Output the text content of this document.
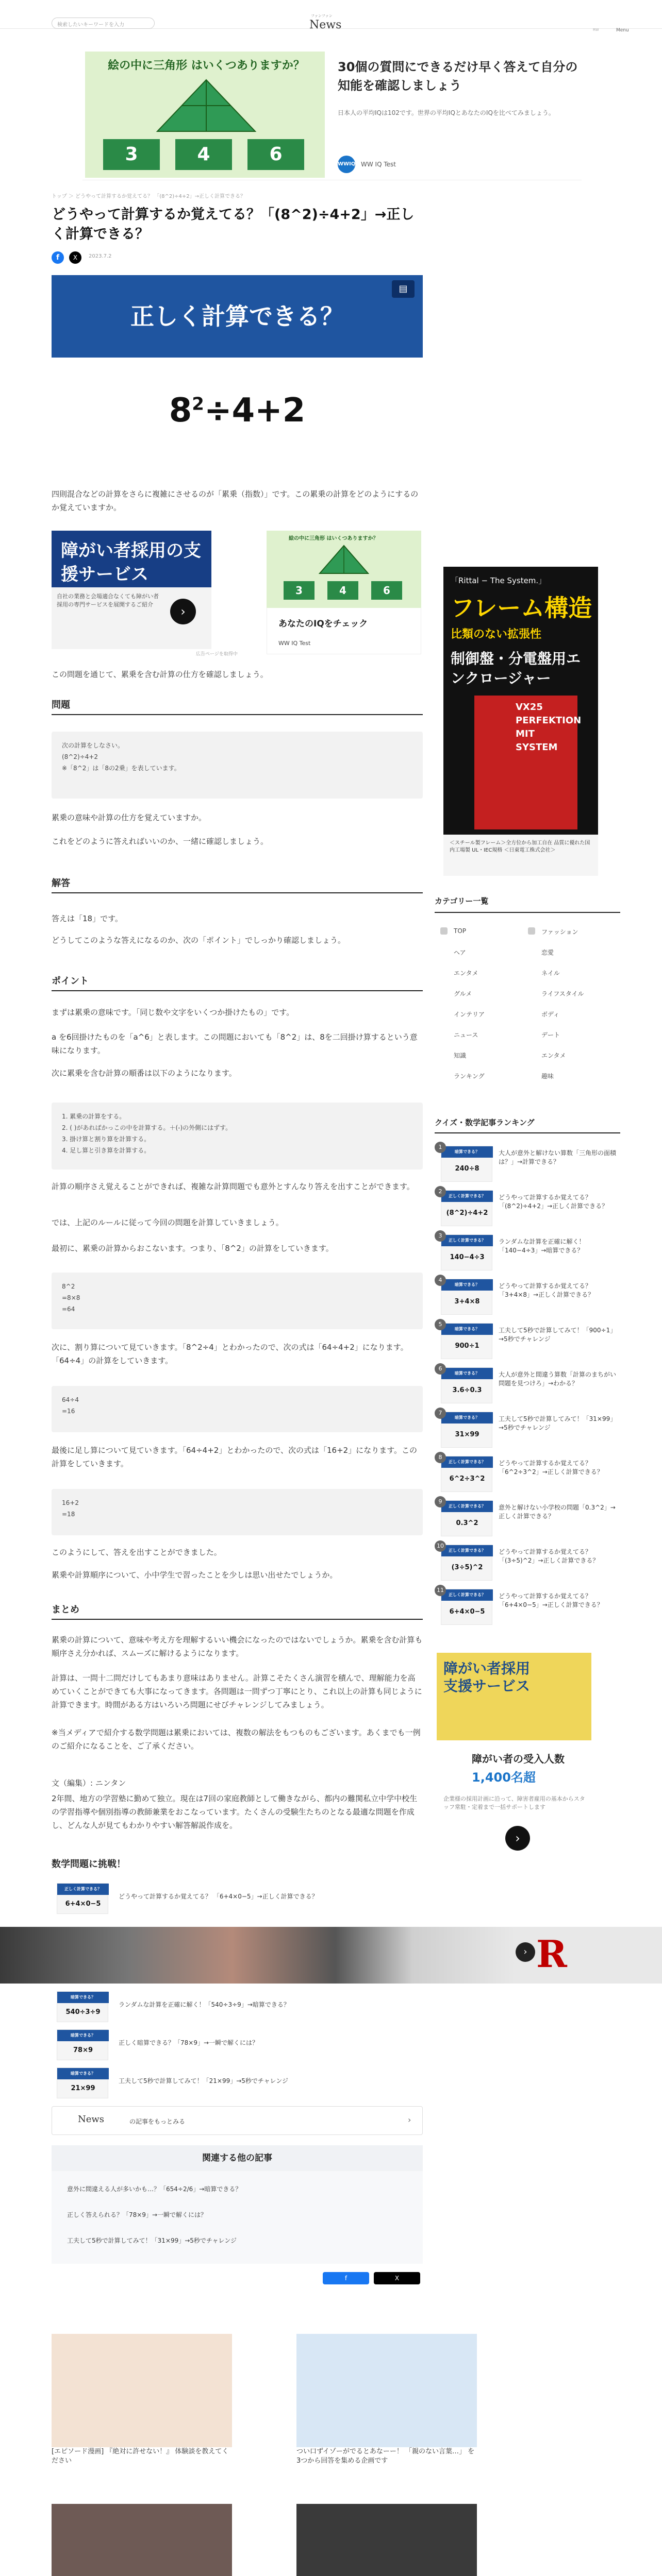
検索したいキーワードを入力
ファンファン
News	RW	Menu
絵の中に三角形 はいくつありますか？
3	4	6
30個の質問にできるだけ早く答えて自分の知能を確認しましょう
日本人の平均IQは102です。世界の平均IQとあなたのIQを比べてみましょう。
WWIQ WW IQ Test
トップ ＞ どうやって計算するか覚えてる？ 「(8^2)÷4+2」→正しく計算できる？
どうやって計算するか覚えてる？「(8^2)÷4+2」→正しく計算できる？
f	X	2023.7.2
正しく計算できる？
▤
$8^2\div 4+2$
四則混合などの計算をさらに複雑にさせるのが「累乗（指数）」です。この累乗の計算をどのようにするのか覚えていますか。
障がい者採用の支援サービス
自社の業務と会場適合なくても障がい者採用の専門サービスを展開するご紹介	›
広告ページを取得中
絵の中に三角形 はいくつありますか？
3	4	6
あなたのIQをチェック
WW IQ Test
この問題を通じて、累乗を含む計算の仕方を確認しましょう。
問題
次の計算をしなさい。
(8^2)÷4+2
※「8^2」は「8の2乗」を表しています。
累乗の意味や計算の仕方を覚えていますか。
これをどのように答えればいいのか、一緒に確認しましょう。
解答
答えは「18」です。
どうしてこのような答えになるのか、次の「ポイント」でしっかり確認しましょう。
ポイント
まずは累乗の意味です。「同じ数や文字をいくつか掛けたもの」です。
a を6回掛けたものを「a^6」と表します。この問題においても「8^2」は、8を二回掛け算するという意味になります。
次に累乗を含む計算の順番は以下のようになります。
1. 累乗の計算をする。
2. ( )があればかっこの中を計算する。＋(-)の外側にはずす。
3. 掛け算と割り算を計算する。
4. 足し算と引き算を計算する。
計算の順序さえ覚えることができれば、複雑な計算問題でも意外とすんなり答えを出すことができます。
では、上記のルールに従って今回の問題を計算していきましょう。
最初に、累乗の計算からおこないます。つまり、「8^2」の計算をしていきます。
8^2
=8×8
=64
次に、割り算について見ていきます。「8^2÷4」とわかったので、次の式は「64÷4+2」になります。「64÷4」の計算をしていきます。
64÷4
=16
最後に足し算について見ていきます。「64÷4+2」とわかったので、次の式は「16+2」になります。この計算をしていきます。
16+2
=18
このようにして、答えを出すことができました。
累乗や計算順序について、小中学生で習ったことを少しは思い出せたでしょうか。
まとめ
累乗の計算について、意味や考え方を理解するいい機会になったのではないでしょうか。累乗を含む計算も順序さえ分かれば、スムーズに解けるようになります。
計算は、一問十二問だけしてもあまり意味はありません。計算こそたくさん演習を積んで、理解能力を高めていくことができても大事になってきます。各問題は一問ずつ丁寧にとり、これ以上の計算も同じように計算できます。時間がある方はいろいろ問題にせびチャレンジしてみましょう。
※当メディアで紹介する数学問題は累乗においては、複数の解法をもつものもございます。あくまでも一例のご紹介になることを、ご了承ください。
文（編集）: ニンタン
2年間、地方の学習塾に勤めて独立。現在は7回の家庭教師として働きながら、都内の難関私立中学中校生の学習指導や個別指導の教師兼業をおこなっています。たくさんの受験生たちのとなる最適な問題を作成し、どんな人が見てもわかりやすい解答解説作成を。
数学問題に挑戦！
正しく計算できる？
6+4×0−5
どうやって計算するか覚えてる？ 「6+4×0−5」→正しく計算できる？
› R
暗算できる？
540÷3÷9
ランダムな計算を正確に解く！「540÷3÷9」→暗算できる？
暗算できる？
78×9
正しく暗算できる？「78×9」→一瞬で解くには？
暗算できる？
21×99
工夫して5秒で計算してみて！「21×99」→5秒でチャレンジ
News	の記事をもっとみる	›
関連する他の記事
意外に間違える人が多いかも…？「654÷2/6」→暗算できる？
正しく答えられる？「78×9」→一瞬で解くには？
工夫して5秒で計算してみて！「31×99」→5秒でチャレンジ
f	X
[エピソード漫画] 『絶対に許せない！』 体験談を教えてください
つい口ずイゾーがでるとあなーー！ 「親のない言葉…」 を3つから回答を集める企画です
「Rittal − The System.」
フレーム構造
比類のない拡張性
制御盤・分電盤用エンクロージャー
VX25 PERFEKTION MIT SYSTEM
＜スチール製フレーム＞全方位から加工自在 品質に優れた国内工場製 UL・IEC規格 ＜日東電工株式会社＞
カテゴリー一覧
TOP	ファッション
ヘア	恋愛
エンタメ	ネイル
グルメ	ライフスタイル
インテリア	ボディ
ニュース	デート
知識	エンタメ
ランキング	趣味
クイズ・数学記事ランキング
暗算できる？
240÷8
1
大人が意外と解けない算数「三角形の面積は？」→計算できる？
正しく計算できる？
(8^2)÷4+2
2
どうやって計算するか覚えてる？「(8^2)÷4+2」→正しく計算できる？
正しく計算できる？
140−4÷3
3
ランダムな計算を正確に解く！「140−4÷3」→暗算できる？
暗算できる？
3+4×8
4
どうやって計算するか覚えてる？「3+4×8」→正しく計算できる？
暗算できる？
900÷1
5
工夫して5秒で計算してみて！「900÷1」→5秒でチャレンジ
暗算できる？
3.6÷0.3
6
大人が意外と間違う算数「計算のまちがい問題を見つけろ」→わかる？
暗算できる？
31×99
7
工夫して5秒で計算してみて！「31×99」→5秒でチャレンジ
正しく計算できる？
6^2÷3^2
8
どうやって計算するか覚えてる？「6^2÷3^2」→正しく計算できる？
正しく計算できる？
0.3^2
9
意外と解けない小学校の問題「0.3^2」→正しく計算できる？
正しく計算できる？
(3÷5)^2
10
どうやって計算するか覚えてる？「(3÷5)^2」→正しく計算できる？
正しく計算できる？
6+4×0−5
11
どうやって計算するか覚えてる？「6+4×0−5」→正しく計算できる？
障がい者採用支援サービス
障がい者の受入人数
1,400名超
企業様の採用計画に沿って、障害者雇用の基本からスタッフ常駐・定着まで一括サポートします
›
